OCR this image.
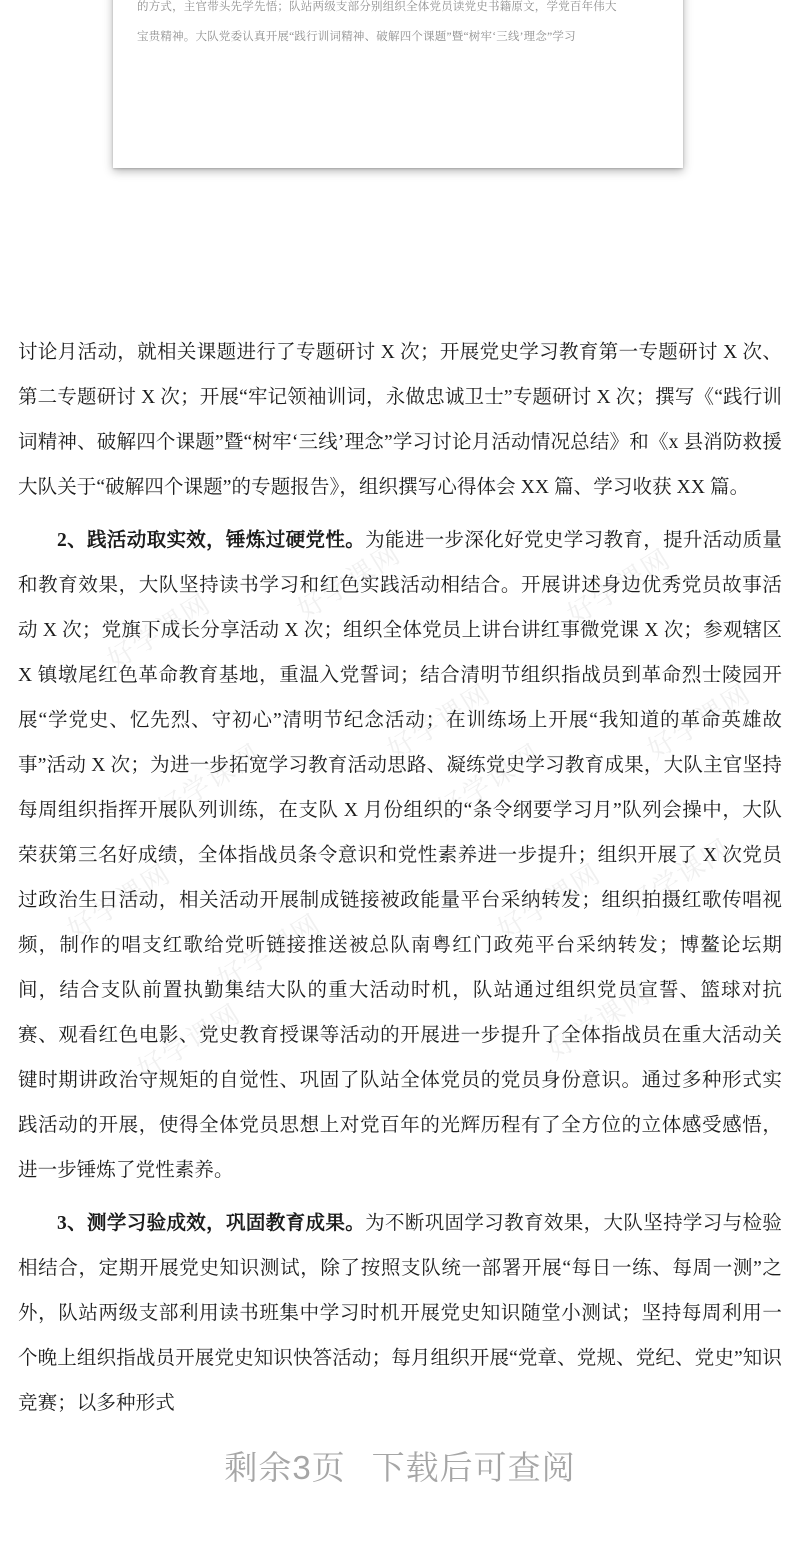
的方式，主官带头先学先悟；队站两级支部分别组织全体党员读党史书籍原文，学党百年伟大
宝贵精神。大队党委认真开展“践行训词精神、破解四个课题”暨“树牢‘三线’理念”学习
好学课网	好学课网
好学课网
好学课网	好学课网
好学课网	好学课网
好学课网
好学课网
好学课网 好学课网
好学课网	好学课网

讨论月活动，就相关课题进行了专题研讨 X 次；开展党史学习教育第一专题研讨 X 次、第二专题研讨 X 次；开展“牢记领袖训词，永做忠诚卫士”专题研讨 X 次；撰写《“践行训词精神、破解四个课题”暨“树牢‘三线’理念”学习讨论月活动情况总结》和《x 县消防救援大队关于“破解四个课题”的专题报告》，组织撰写心得体会 XX 篇、学习收获 XX 篇。

2、践活动取实效，锤炼过硬党性。为能进一步深化好党史学习教育，提升活动质量和教育效果，大队坚持读书学习和红色实践活动相结合。开展讲述身边优秀党员故事活动 X 次；党旗下成长分享活动 X 次；组织全体党员上讲台讲红事微党课 X 次；参观辖区 X 镇墩尾红色革命教育基地，重温入党誓词；结合清明节组织指战员到革命烈士陵园开展“学党史、忆先烈、守初心”清明节纪念活动；在训练场上开展“我知道的革命英雄故事”活动 X 次；为进一步拓宽学习教育活动思路、凝练党史学习教育成果，大队主官坚持每周组织指挥开展队列训练，在支队 X 月份组织的“条令纲要学习月”队列会操中，大队荣获第三名好成绩，全体指战员条令意识和党性素养进一步提升；组织开展了 X 次党员过政治生日活动，相关活动开展制成链接被政能量平台采纳转发；组织拍摄红歌传唱视频，制作的唱支红歌给党听链接推送被总队南粤红门政苑平台采纳转发；博鳌论坛期间，结合支队前置执勤集结大队的重大活动时机，队站通过组织党员宣誓、篮球对抗赛、观看红色电影、党史教育授课等活动的开展进一步提升了全体指战员在重大活动关键时期讲政治守规矩的自觉性、巩固了队站全体党员的党员身份意识。通过多种形式实践活动的开展，使得全体党员思想上对党百年的光辉历程有了全方位的立体感受感悟，进一步锤炼了党性素养。

3、测学习验成效，巩固教育成果。为不断巩固学习教育效果，大队坚持学习与检验相结合，定期开展党史知识测试，除了按照支队统一部署开展“每日一练、每周一测”之外，队站两级支部利用读书班集中学习时机开展党史知识随堂小测试；坚持每周利用一个晚上组织指战员开展党史知识快答活动；每月组织开展“党章、党规、党纪、党史”知识竞赛；以多种形式

剩余3页 下载后可查阅
